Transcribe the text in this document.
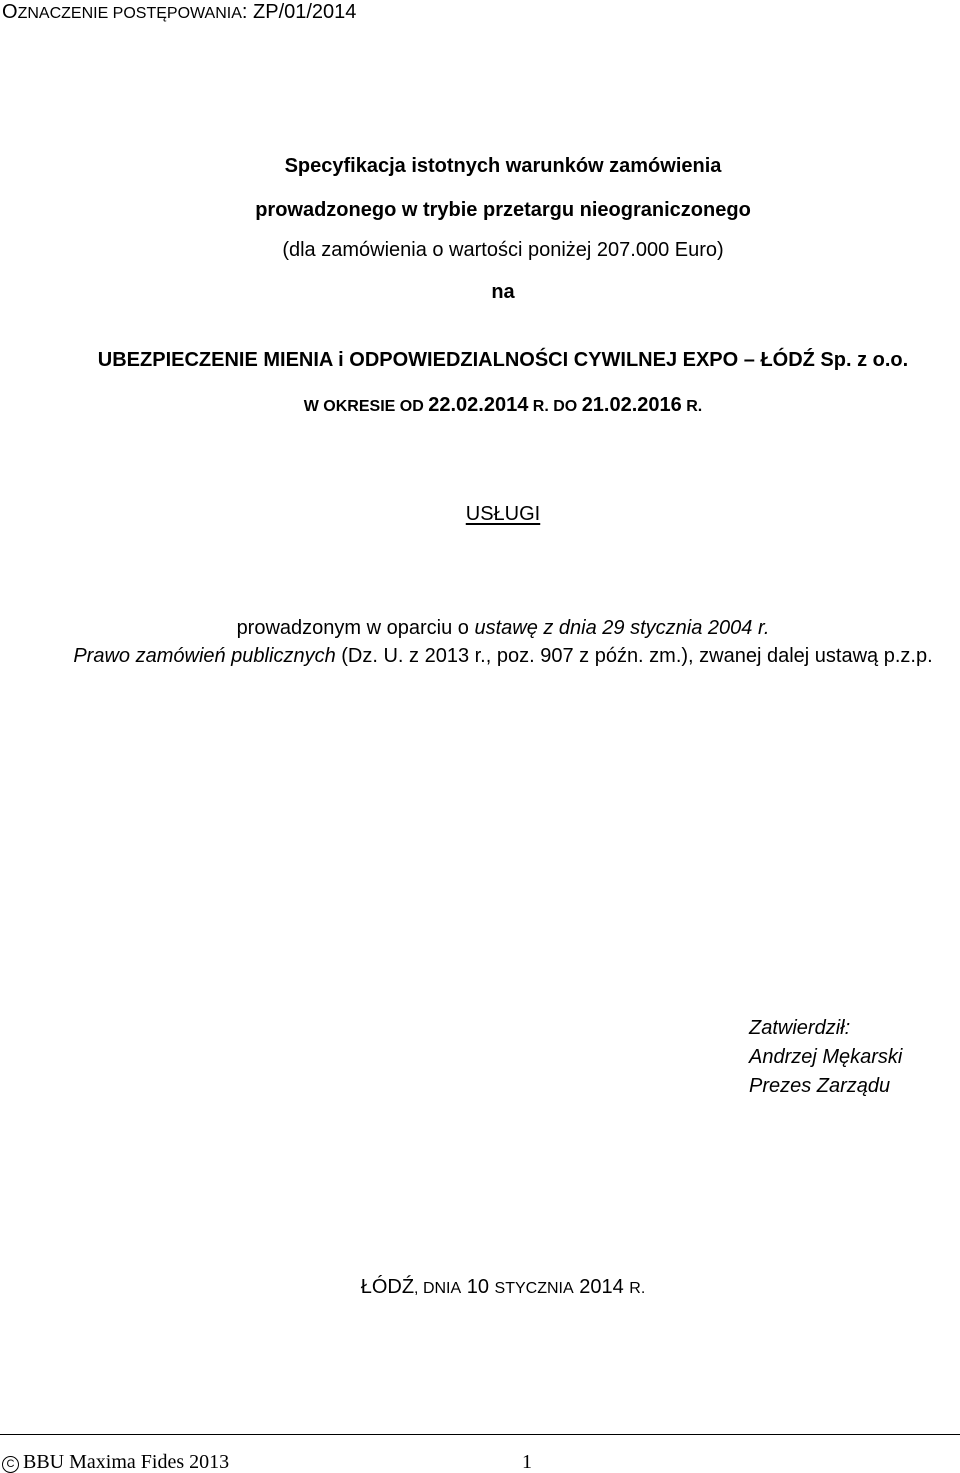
OZNACZENIE POSTĘPOWANIA: ZP/01/2014
Specyfikacja istotnych warunków zamówienia
prowadzonego w trybie przetargu nieograniczonego
(dla zamówienia o wartości poniżej 207.000 Euro)
na
UBEZPIECZENIE MIENIA i ODPOWIEDZIALNOŚCI CYWILNEJ EXPO – ŁÓDŹ Sp. z o.o.
W OKRESIE OD 22.02.2014 R. DO 21.02.2016 R.
USŁUGI
prowadzonym w oparciu o ustawę z dnia 29 stycznia 2004 r.
Prawo zamówień publicznych (Dz. U. z 2013 r., poz. 907 z późn. zm.), zwanej dalej ustawą p.z.p.
Zatwierdził:
Andrzej Mękarski
Prezes Zarządu
ŁÓDŹ, DNIA 10 STYCZNIA 2014 R.
C BBU Maxima Fides 2013	1
